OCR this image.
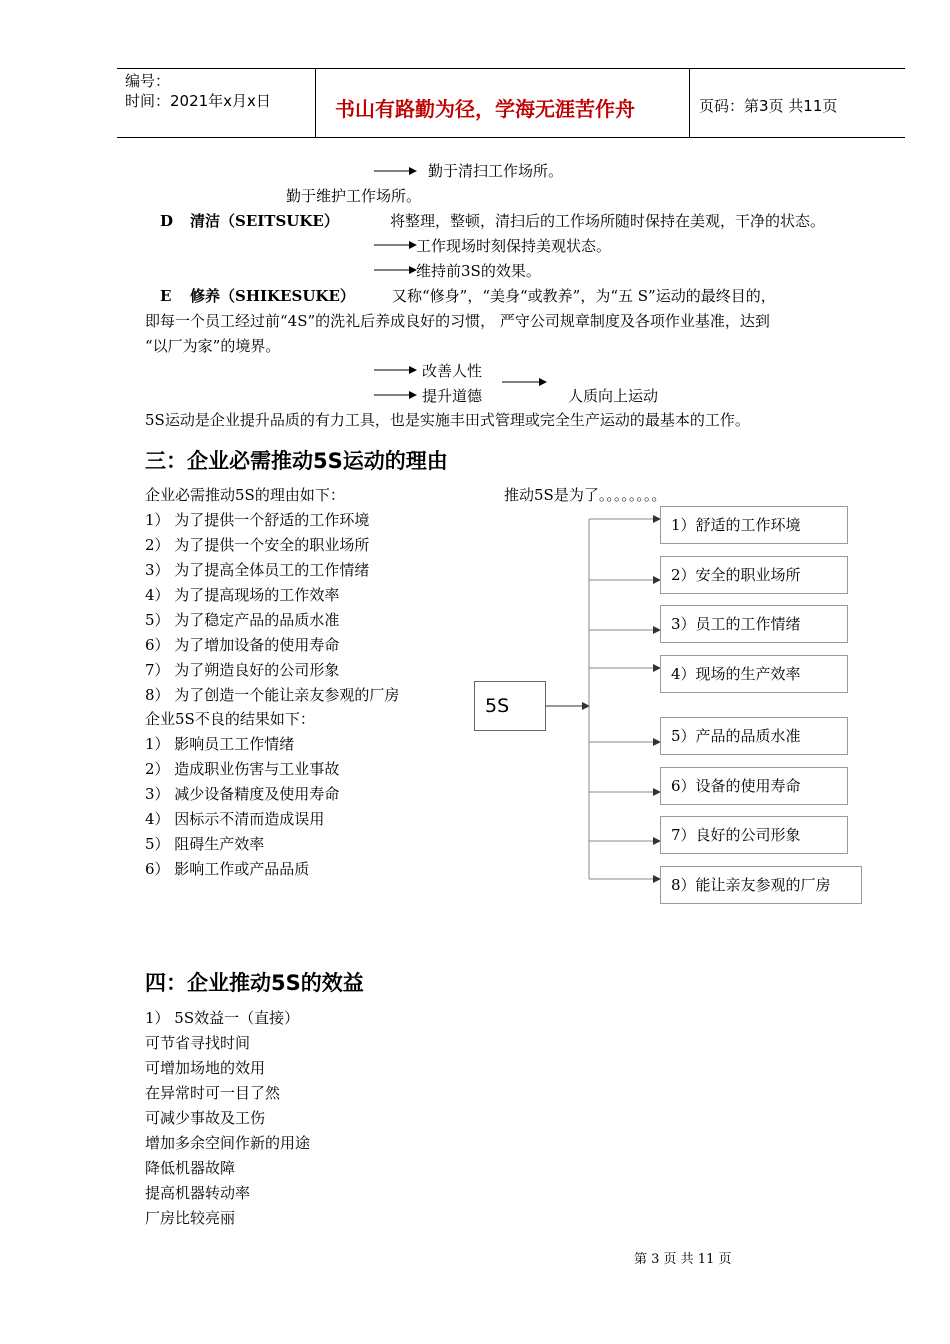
编号：
时间：2021年x月x日	书山有路勤为径，学海无涯苦作舟	页码：第3页 共11页
勤于清扫工作场所。
勤于维护工作场所。
D 清洁（SEITSUKE）	将整理，整顿，清扫后的工作场所随时保持在美观，干净的状态。
工作现场时刻保持美观状态。
维持前3S的效果。
E 修养（SHIKESUKE） 又称“修身”，“美身“或教养”，为“五 S”运动的最终目的，
即每一个员工经过前“4S”的洗礼后养成良好的习惯， 严守公司规章制度及各项作业基准，达到
“以厂为家”的境界。
改善人性
提升道德	人质向上运动
5S运动是企业提升品质的有力工具，也是实施丰田式管理或完全生产运动的最基本的工作。
三：企业必需推动5S运动的理由
企业必需推动5S的理由如下：
1） 为了提供一个舒适的工作环境
2） 为了提供一个安全的职业场所
3） 为了提高全体员工的工作情绪
4） 为了提高现场的工作效率
5） 为了稳定产品的品质水准
6） 为了增加设备的使用寿命
7） 为了朔造良好的公司形象
8） 为了创造一个能让亲友参观的厂房
企业5S不良的结果如下：
1） 影响员工工作情绪
2） 造成职业伤害与工业事故
3） 减少设备精度及使用寿命
4） 因标示不清而造成误用
5） 阻碍生产效率
6） 影响工作或产品品质
推动5S是为了。。。。。。。。
5S
1）舒适的工作环境
2）安全的职业场所
3）员工的工作情绪
4）现场的生产效率
5）产品的品质水准
6）设备的使用寿命
7）良好的公司形象
8）能让亲友参观的厂房
四：企业推动5S的效益
1） 5S效益一（直接）
可节省寻找时间
可增加场地的效用
在异常时可一目了然
可减少事故及工伤
增加多余空间作新的用途
降低机器故障
提高机器转动率
厂房比较亮丽
第 3 页 共 11 页
